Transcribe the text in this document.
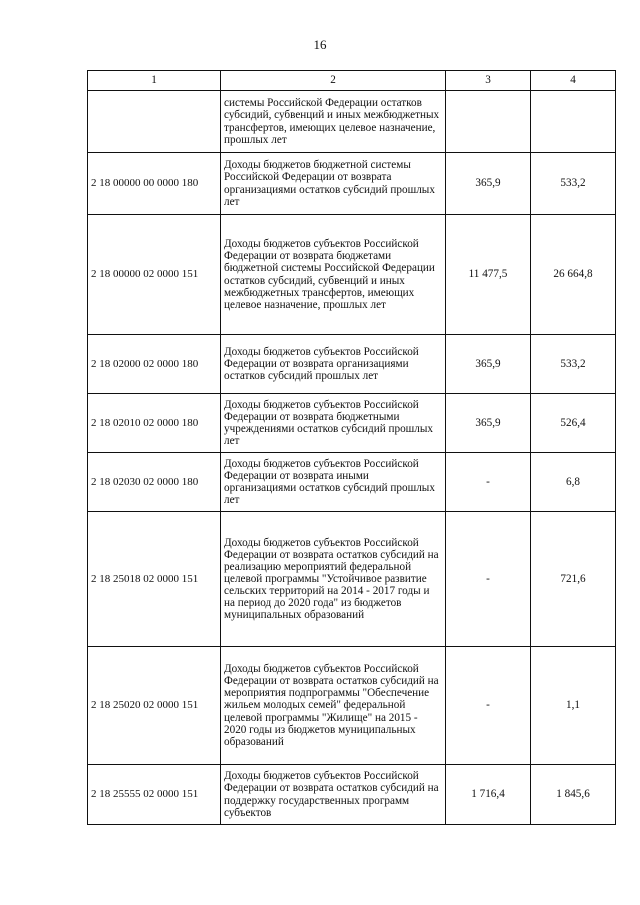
16
1	2	3	4
	системы Российской Федерации остатков субсидий, субвенций и иных межбюджетных трансфертов, имеющих целевое назначение, прошлых лет		
2 18 00000 00 0000 180	Доходы бюджетов бюджетной системы Российской Федерации от возврата организациями остатков субсидий прошлых лет	365,9	533,2
2 18 00000 02 0000 151	Доходы бюджетов субъектов Российской Федерации от возврата бюджетами бюджетной системы Российской Федерации остатков субсидий, субвенций и иных межбюджетных трансфертов, имеющих целевое назначение, прошлых лет	11 477,5	26 664,8
2 18 02000 02 0000 180	Доходы бюджетов субъектов Российской Федерации от возврата организациями остатков субсидий прошлых лет	365,9	533,2
2 18 02010 02 0000 180	Доходы бюджетов субъектов Российской Федерации от возврата бюджетными учреждениями остатков субсидий прошлых лет	365,9	526,4
2 18 02030 02 0000 180	Доходы бюджетов субъектов Российской Федерации от возврата иными организациями остатков субсидий прошлых лет	-	6,8
2 18 25018 02 0000 151	Доходы бюджетов субъектов Российской Федерации от возврата остатков субсидий на реализацию мероприятий федеральной целевой программы "Устойчивое развитие сельских территорий на 2014 - 2017 годы и на период до 2020 года" из бюджетов муниципальных образований	-	721,6
2 18 25020 02 0000 151	Доходы бюджетов субъектов Российской Федерации от возврата остатков субсидий на мероприятия подпрограммы "Обеспечение жильем молодых семей" федеральной целевой программы "Жилище" на 2015 - 2020 годы из бюджетов муниципальных образований	-	1,1
2 18 25555 02 0000 151	Доходы бюджетов субъектов Российской Федерации от возврата остатков субсидий на поддержку государственных программ субъектов	1 716,4	1 845,6
